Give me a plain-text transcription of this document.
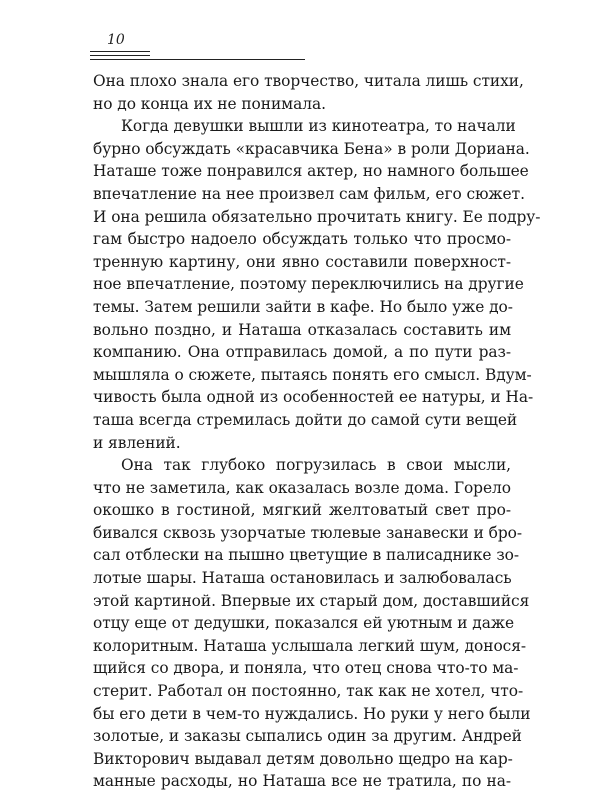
10
Она плохо знала его творчество, читала лишь стихи,
но до конца их не понимала.
Когда девушки вышли из кинотеатра, то начали
бурно обсуждать «красавчика Бена» в роли Дориана.
Наташе тоже понравился актер, но намного большее
впечатление на нее произвел сам фильм, его сюжет.
И она решила обязательно прочитать книгу. Ее подру-
гам быстро надоело обсуждать только что просмо-
тренную картину, они явно составили поверхност-
ное впечатление, поэтому переключились на другие
темы. Затем решили зайти в кафе. Но было уже до-
вольно поздно, и Наташа отказалась составить им
компанию. Она отправилась домой, а по пути раз-
мышляла о сюжете, пытаясь понять его смысл. Вдум-
чивость была одной из особенностей ее натуры, и На-
таша всегда стремилась дойти до самой сути вещей
и явлений.
Она так глубоко погрузилась в свои мысли,
что не заметила, как оказалась возле дома. Горело
окошко в гостиной, мягкий желтоватый свет про-
бивался сквозь узорчатые тюлевые занавески и бро-
сал отблески на пышно цветущие в палисаднике зо-
лотые шары. Наташа остановилась и залюбовалась
этой картиной. Впервые их старый дом, доставшийся
отцу еще от дедушки, показался ей уютным и даже
колоритным. Наташа услышала легкий шум, донося-
щийся со двора, и поняла, что отец снова что-то ма-
стерит. Работал он постоянно, так как не хотел, что-
бы его дети в чем-то нуждались. Но руки у него были
золотые, и заказы сыпались один за другим. Андрей
Викторович выдавал детям довольно щедро на кар-
манные расходы, но Наташа все не тратила, по на-
